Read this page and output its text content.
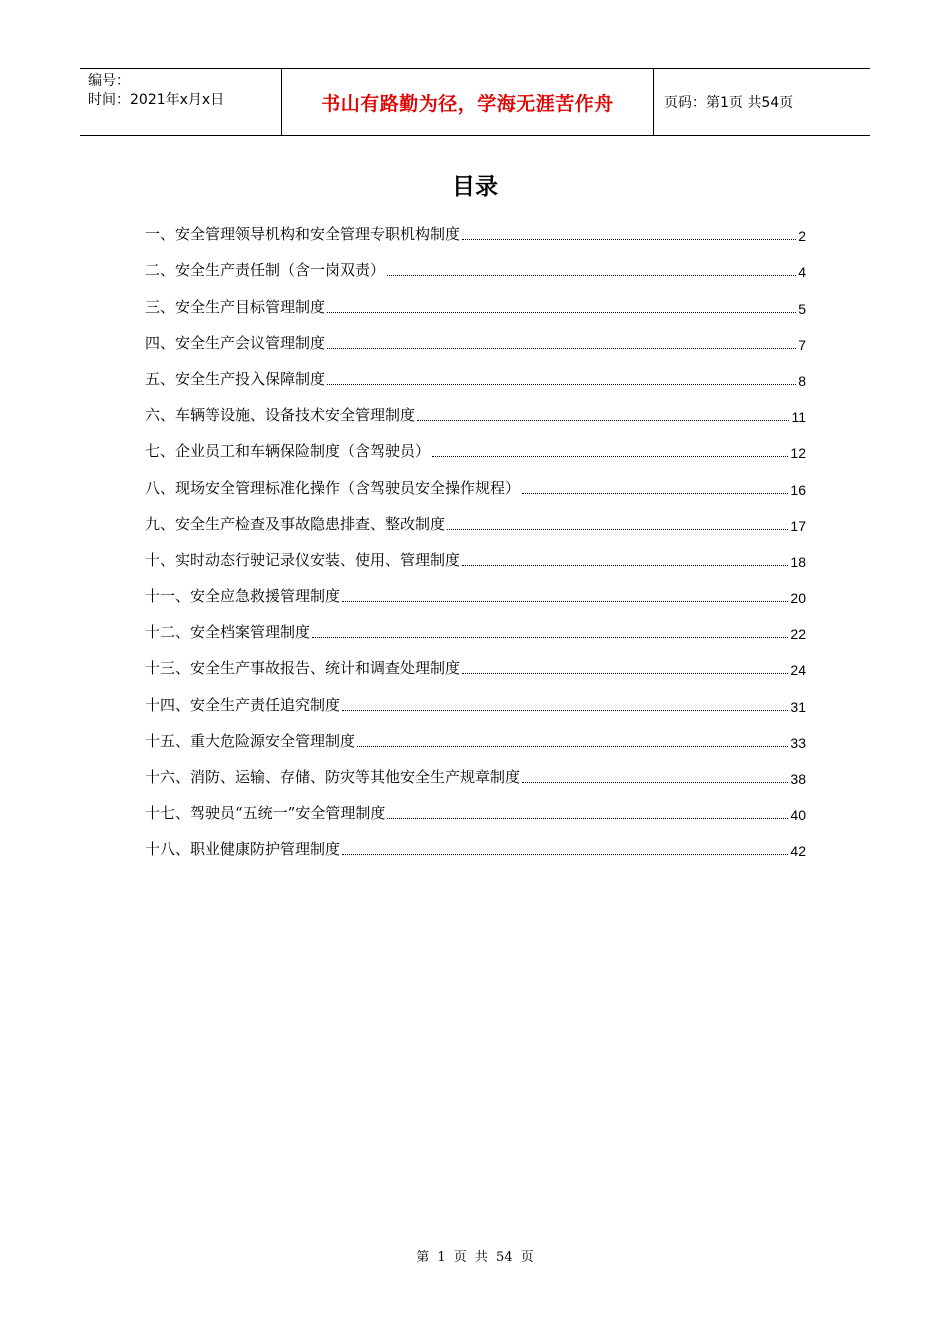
编号：
时间：2021年x月x日	书山有路勤为径，学海无涯苦作舟	页码：第1页 共54页
目录
一、安全管理领导机构和安全管理专职机构制度	2
二、安全生产责任制（含一岗双责）	4
三、安全生产目标管理制度	5
四、安全生产会议管理制度	7
五、安全生产投入保障制度	8
六、车辆等设施、设备技术安全管理制度	11
七、企业员工和车辆保险制度（含驾驶员）	12
八、现场安全管理标准化操作（含驾驶员安全操作规程）	16
九、安全生产检查及事故隐患排查、整改制度	17
十、实时动态行驶记录仪安装、使用、管理制度	18
十一、安全应急救援管理制度	20
十二、安全档案管理制度	22
十三、安全生产事故报告、统计和调查处理制度	24
十四、安全生产责任追究制度	31
十五、重大危险源安全管理制度	33
十六、消防、运输、存储、防灾等其他安全生产规章制度	38
十七、驾驶员“五统一”安全管理制度	40
十八、职业健康防护管理制度	42
第 1 页 共 54 页
